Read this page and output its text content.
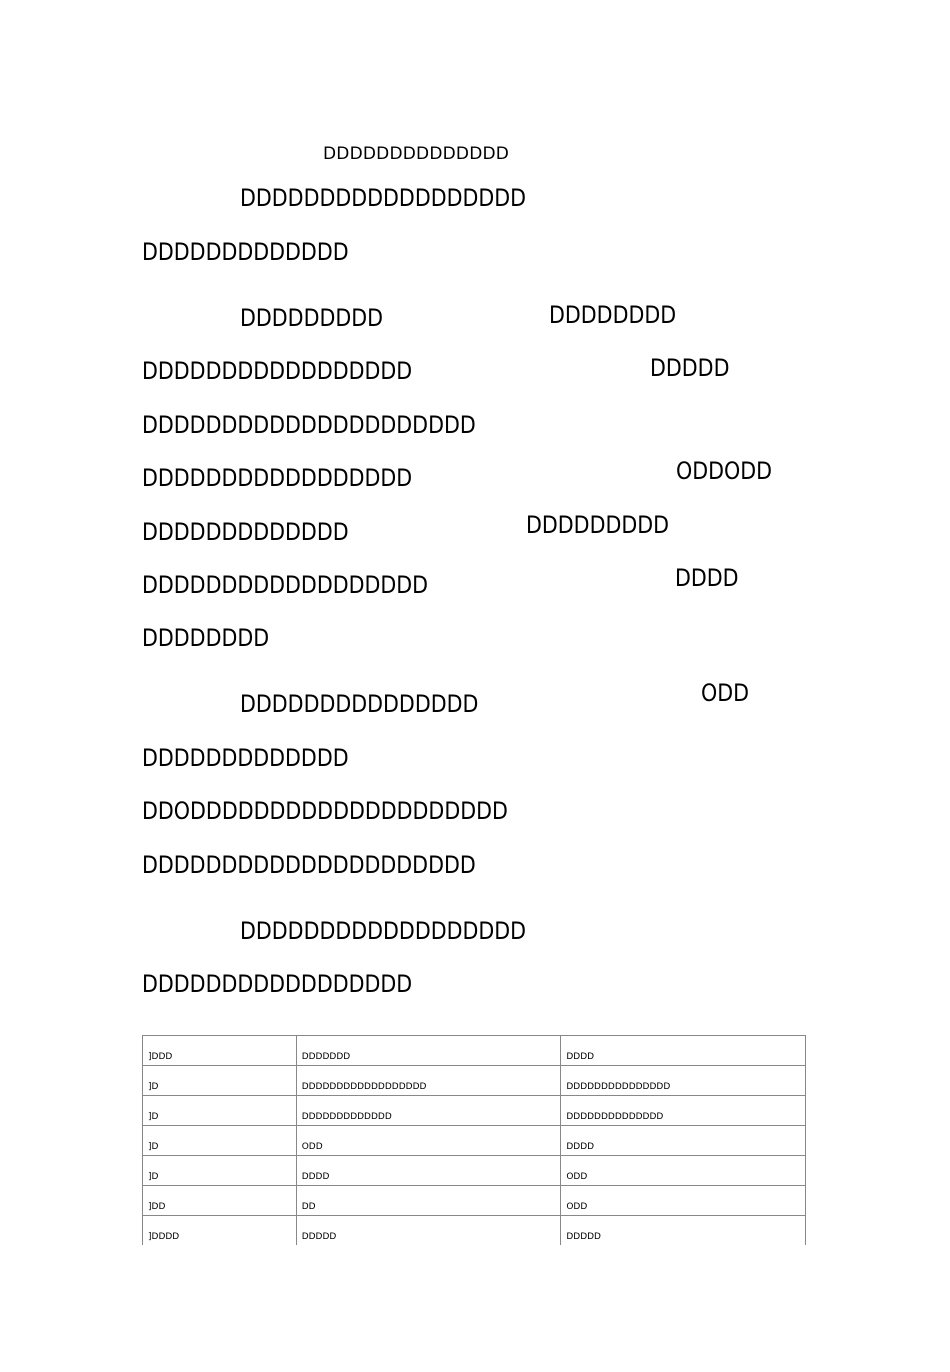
DDDDDDDDDDDDDD
DDDDDDDDDDDDDDDDDD
DDDDDDDDDDDDD
DDDDDDDDD
DDDDDDDDDDDDDDDDD
DDDDDDDDDDDDDDDDDDDDD
DDDDDDDDDDDDDDDDD
DDDDDDDDDDDDD
DDDDDDDDDDDDDDDDDD
DDDDDDDD
DDDDDDDD
DDDDD
ODDODD
DDDDDDDDD
DDDD
ODD
DDDDDDDDDDDDDDD
DDDDDDDDDDDDD
DDODDDDDDDDDDDDDDDDDDDD
DDDDDDDDDDDDDDDDDDDDD
DDDDDDDDDDDDDDDDDD
DDDDDDDDDDDDDDDDD
]DDD	DDDDDDD	DDDD
]D	DDDDDDDDDDDDDDDDDD	DDDDDDDDDDDDDDD
]D	DDDDDDDDDDDDD	DDDDDDDDDDDDDD
]D	ODD	DDDD
]D	DDDD	ODD
]DD	DD	ODD
]DDDD	DDDDD	DDDDD
